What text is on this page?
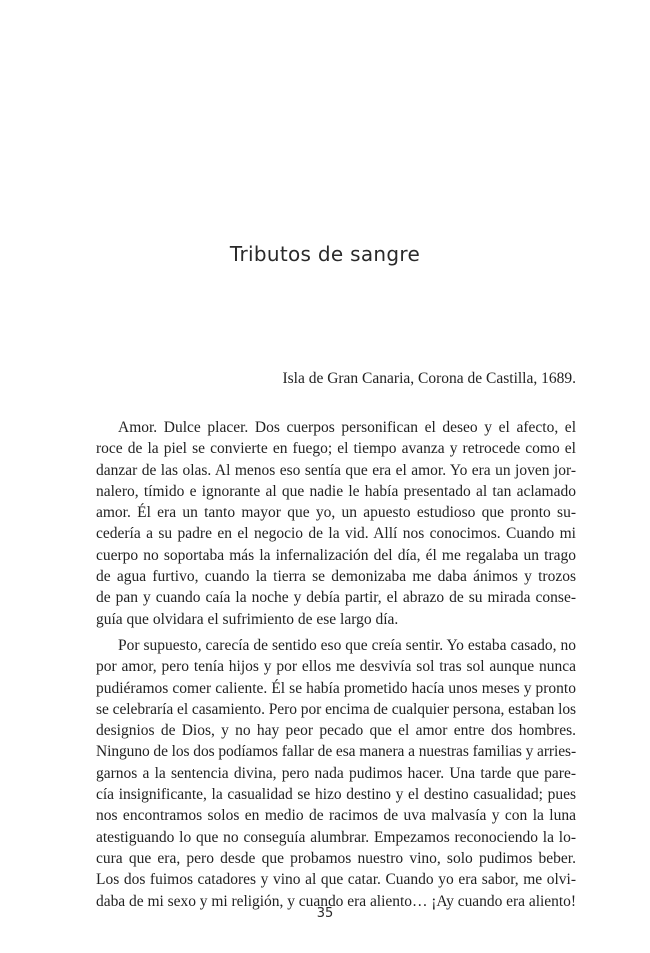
Tributos de sangre
Isla de Gran Canaria, Corona de Castilla, 1689.
Amor. Dulce placer. Dos cuerpos personifican el deseo y el afecto, el
roce de la piel se convierte en fuego; el tiempo avanza y retrocede como el
danzar de las olas. Al menos eso sentía que era el amor. Yo era un joven jor-
nalero, tímido e ignorante al que nadie le había presentado al tan aclamado
amor. Él era un tanto mayor que yo, un apuesto estudioso que pronto su-
cedería a su padre en el negocio de la vid. Allí nos conocimos. Cuando mi
cuerpo no soportaba más la infernalización del día, él me regalaba un trago
de agua furtivo, cuando la tierra se demonizaba me daba ánimos y trozos
de pan y cuando caía la noche y debía partir, el abrazo de su mirada conse-
guía que olvidara el sufrimiento de ese largo día.
Por supuesto, carecía de sentido eso que creía sentir. Yo estaba casado, no
por amor, pero tenía hijos y por ellos me desvivía sol tras sol aunque nunca
pudiéramos comer caliente. Él se había prometido hacía unos meses y pronto
se celebraría el casamiento. Pero por encima de cualquier persona, estaban los
designios de Dios, y no hay peor pecado que el amor entre dos hombres.
Ninguno de los dos podíamos fallar de esa manera a nuestras familias y arries-
garnos a la sentencia divina, pero nada pudimos hacer. Una tarde que pare-
cía insignificante, la casualidad se hizo destino y el destino casualidad; pues
nos encontramos solos en medio de racimos de uva malvasía y con la luna
atestiguando lo que no conseguía alumbrar. Empezamos reconociendo la lo-
cura que era, pero desde que probamos nuestro vino, solo pudimos beber.
Los dos fuimos catadores y vino al que catar. Cuando yo era sabor, me olvi-
daba de mi sexo y mi religión, y cuando era aliento… ¡Ay cuando era aliento!
35
